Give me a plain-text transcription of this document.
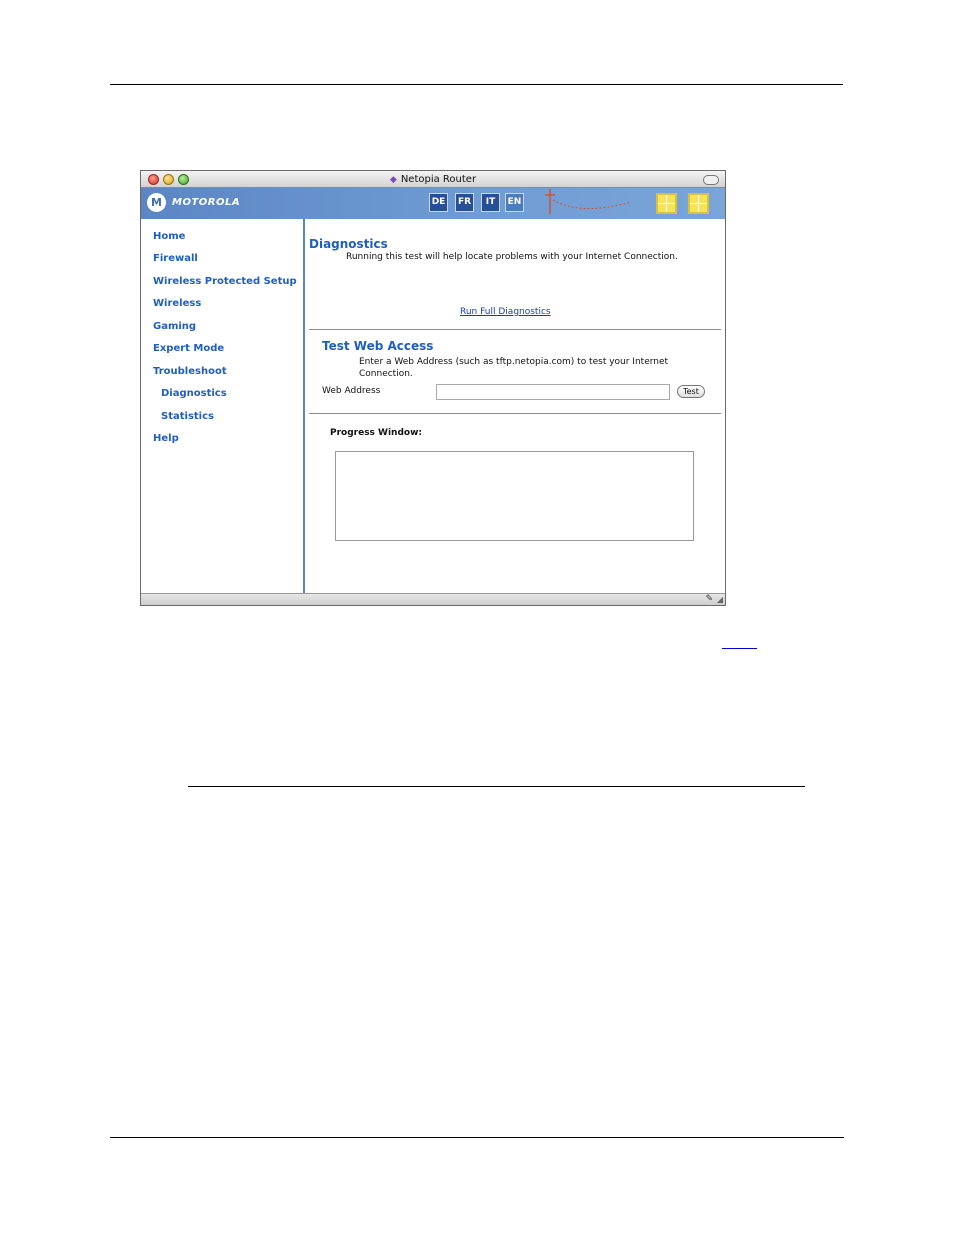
◆ Netopia Router
M	MOTOROLA	DE	FR	IT	EN
Home
Firewall
Wireless Protected Setup
Wireless
Gaming
Expert Mode
Troubleshoot
Diagnostics
Statistics
Help
Diagnostics
Running this test will help locate problems with your Internet Connection.
Run Full Diagnostics
Test Web Access
Enter a Web Address (such as tftp.netopia.com) to test your Internet Connection.
Web Address	Test
Progress Window:
✎ ◢
